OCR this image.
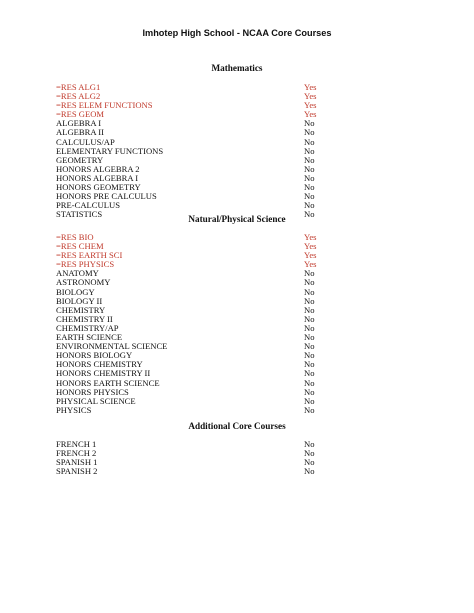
Imhotep High School - NCAA Core Courses
Mathematics
=RES ALG1	Yes
=RES ALG2	Yes
=RES ELEM FUNCTIONS	Yes
=RES GEOM	Yes
ALGEBRA I	No
ALGEBRA II	No
CALCULUS/AP	No
ELEMENTARY FUNCTIONS	No
GEOMETRY	No
HONORS ALGEBRA 2	No
HONORS ALGEBRA I	No
HONORS GEOMETRY	No
HONORS PRE CALCULUS	No
PRE-CALCULUS	No
STATISTICS	No
Natural/Physical Science
=RES BIO	Yes
=RES CHEM	Yes
=RES EARTH SCI	Yes
=RES PHYSICS	Yes
ANATOMY	No
ASTRONOMY	No
BIOLOGY	No
BIOLOGY II	No
CHEMISTRY	No
CHEMISTRY II	No
CHEMISTRY/AP	No
EARTH SCIENCE	No
ENVIRONMENTAL SCIENCE	No
HONORS BIOLOGY	No
HONORS CHEMISTRY	No
HONORS CHEMISTRY II	No
HONORS EARTH SCIENCE	No
HONORS PHYSICS	No
PHYSICAL SCIENCE	No
PHYSICS	No
Additional Core Courses
FRENCH 1	No
FRENCH 2	No
SPANISH 1	No
SPANISH 2	No
